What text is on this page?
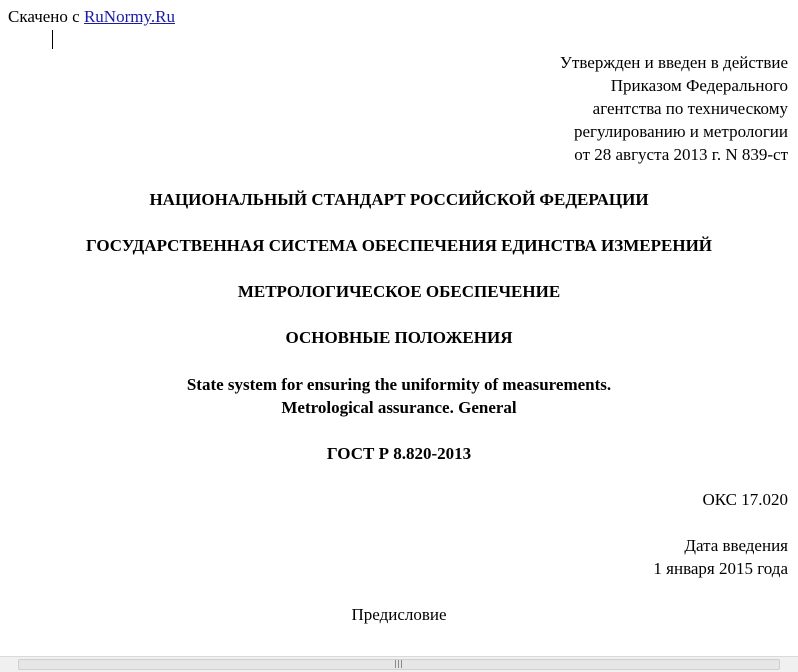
Скачено с RuNormy.Ru
Утвержден и введен в действие
Приказом Федерального
агентства по техническому
регулированию и метрологии
от 28 августа 2013 г. N 839-ст
НАЦИОНАЛЬНЫЙ СТАНДАРТ РОССИЙСКОЙ ФЕДЕРАЦИИ
ГОСУДАРСТВЕННАЯ СИСТЕМА ОБЕСПЕЧЕНИЯ ЕДИНСТВА ИЗМЕРЕНИЙ
МЕТРОЛОГИЧЕСКОЕ ОБЕСПЕЧЕНИЕ
ОСНОВНЫЕ ПОЛОЖЕНИЯ
State system for ensuring the uniformity of measurements.
Metrological assurance. General
ГОСТ Р 8.820-2013
ОКС 17.020
Дата введения
1 января 2015 года
Предисловие
